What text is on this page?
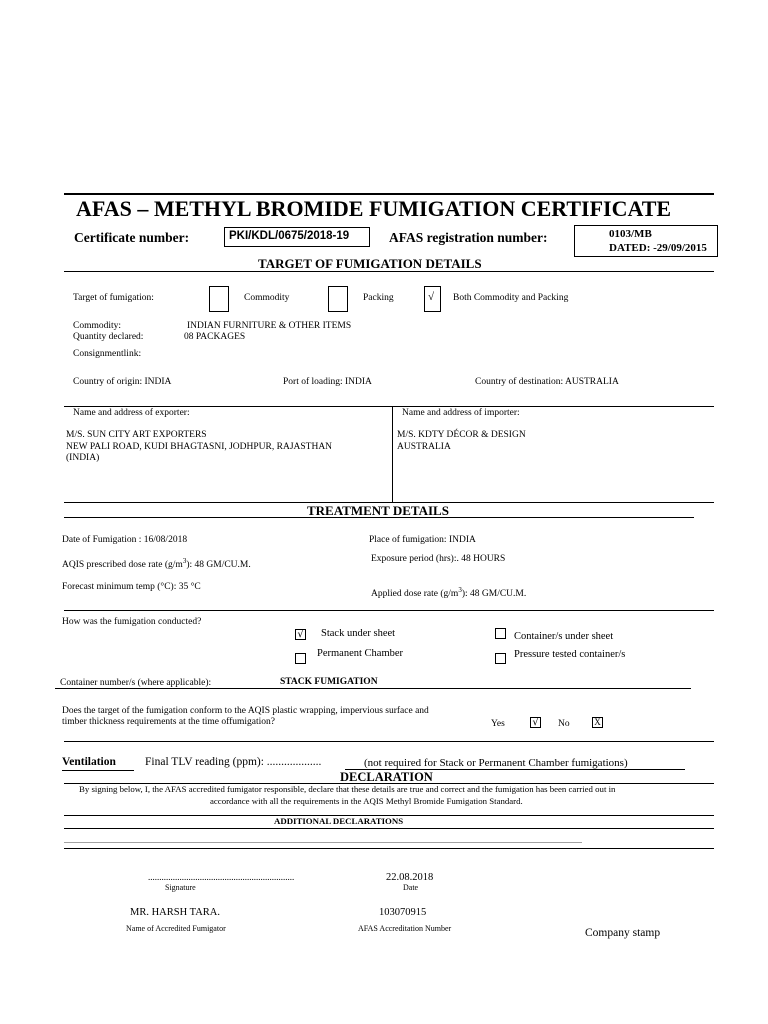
AFAS – METHYL BROMIDE FUMIGATION CERTIFICATE
Certificate number:	PKI/KDL/0675/2018-19	AFAS registration number:	0103/MB
DATED: -29/09/2015
TARGET OF FUMIGATION DETAILS
Target of fumigation:	Commodity	Packing	√ Both Commodity and Packing
Commodity:	INDIAN FURNITURE & OTHER ITEMS
Quantity declared:	08 PACKAGES
Consignmentlink:
Country of origin: INDIA	Port of loading: INDIA	Country of destination: AUSTRALIA
Name and address of exporter:
M/S. SUN CITY ART EXPORTERS
NEW PALI ROAD, KUDI BHAGTASNI, JODHPUR, RAJASTHAN
(INDIA)
Name and address of importer:
M/S. KDTY DÉCOR & DESIGN
AUSTRALIA
TREATMENT DETAILS
Date of Fumigation : 16/08/2018	Place of fumigation: INDIA
AQIS prescribed dose rate $(g/m^3)$: 48 GM/CU.M.
Exposure period (hrs):. 48 HOURS
Forecast minimum temp (°C): 35 °C
Applied dose rate $(g/m^3)$: 48 GM/CU.M.
How was the fumigation conducted?
√ Stack under sheet	Container/s under sheet
Permanent Chamber	Pressure tested container/s
Container number/s (where applicable):	STACK FUMIGATION
Does the target of the fumigation conform to the AQIS plastic wrapping, impervious surface and
timber thickness requirements at the time offumigation?	Yes	√ No	X
Ventilation	Final TLV reading (ppm): ...................	(not required for Stack or Permanent Chamber fumigations)
DECLARATION
By signing below, I, the AFAS accredited fumigator responsible, declare that these details are true and correct and the fumigation has been carried out in
accordance with all the requirements in the AQIS Methyl Bromide Fumigation Standard.
ADDITIONAL DECLARATIONS
...................................................................................................................................................................................................................................................................
.................................................................
Signature
22.08.2018
Date
MR. HARSH TARA.
Name of Accredited Fumigator
103070915
AFAS Accreditation Number	Company stamp
